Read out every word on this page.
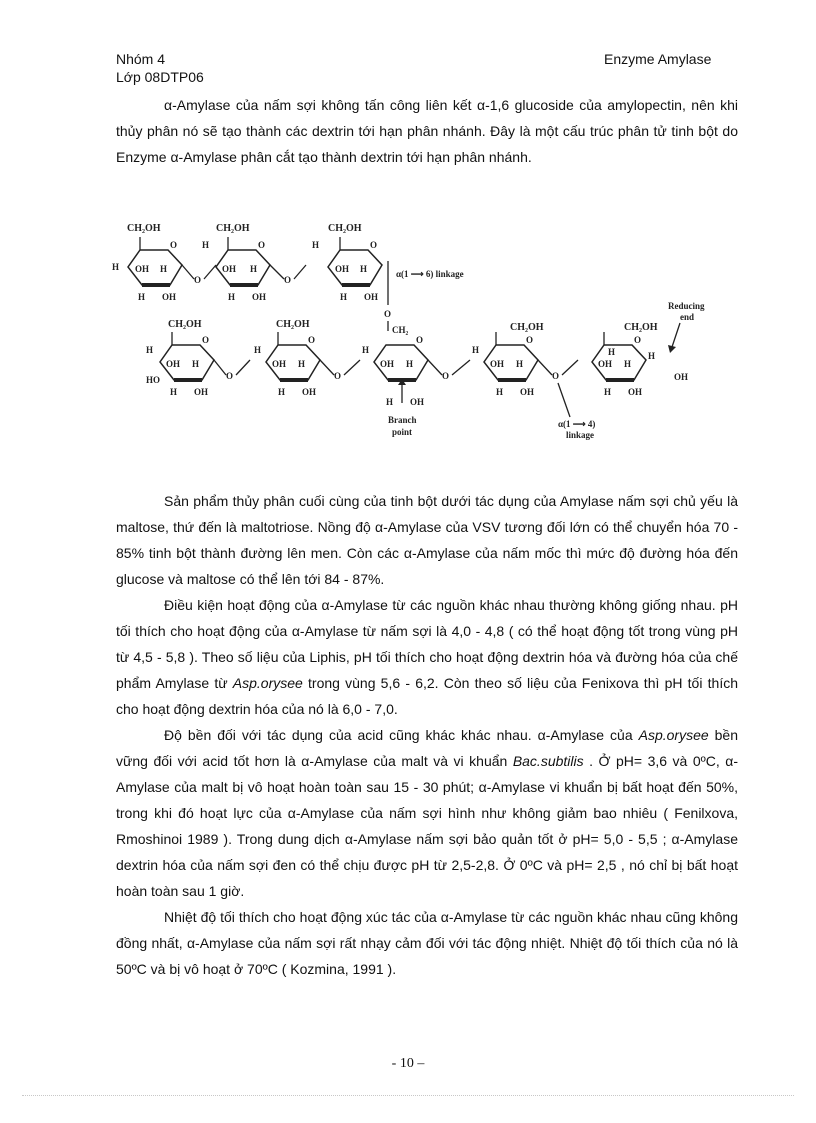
Nhóm 4
Lớp 08DTP06
Enzyme Amylase

α-Amylase của nấm sợi không tấn công liên kết α-1,6 glucoside của amylopectin, nên khi thủy phân nó sẽ tạo thành các dextrin tới hạn phân nhánh. Đây là một cấu trúc phân tử tinh bột do Enzyme α-Amylase phân cắt tạo thành dextrin tới hạn phân nhánh.

Sản phẩm thủy phân cuối cùng của tinh bột dưới tác dụng của Amylase nấm sợi chủ yếu là maltose, thứ đến là maltotriose. Nồng độ α-Amylase của VSV tương đối lớn có thể chuyển hóa 70 - 85% tinh bột thành đường lên men. Còn các α-Amylase của nấm mốc thì mức độ đường hóa đến glucose và maltose có thể lên tới 84 - 87%.

Điều kiện hoạt động của α-Amylase từ các nguồn khác nhau thường không giống nhau. pH tối thích cho hoạt động của α-Amylase từ nấm sợi là 4,0 - 4,8 ( có thể hoạt động tốt trong vùng pH từ 4,5 - 5,8 ). Theo số liệu của Liphis, pH tối thích cho hoạt động dextrin hóa và đường hóa của chế phẩm Amylase từ Asp.orysee trong vùng 5,6 - 6,2. Còn theo số liệu của Fenixova thì pH tối thích cho hoạt động dextrin hóa của nó là 6,0 - 7,0.

Độ bền đối với tác dụng của acid cũng khác khác nhau. α-Amylase của Asp.orysee bền vững đối với acid tốt hơn là α-Amylase của malt và vi khuẩn Bac.subtilis . Ở pH= 3,6 và 0ºC, α-Amylase của malt bị vô hoạt hoàn toàn sau 15 - 30 phút; α-Amylase vi khuẩn bị bất hoạt đến 50%, trong khi đó hoạt lực của α-Amylase của nấm sợi hình như không giảm bao nhiêu ( Fenilxova, Rmoshinoi 1989 ). Trong dung dịch α-Amylase nấm sợi bảo quản tốt ở pH= 5,0 - 5,5 ; α-Amylase dextrin hóa của nấm sợi đen có thể chịu được pH từ 2,5-2,8. Ở 0ºC và pH= 2,5 , nó chỉ bị bất hoạt hoàn toàn sau 1 giờ.

Nhiệt độ tối thích cho hoạt động xúc tác của α-Amylase từ các nguồn khác nhau cũng không đồng nhất, α-Amylase của nấm sợi rất nhạy cảm đối với tác động nhiệt. Nhiệt độ tối thích của nó là 50ºC và bị vô hoạt ở 70ºC ( Kozmina, 1991 ).

CH₂OH
O
H OH H
H OH
O
CH₂OH
O
H
OH H
H OH
O
CH₂OH
O
H
OH H
H OH
O
α(1 ⟶ 6) linkage
CH₂OH
O
H
HO
OH H
H OH
O
CH₂OH
O
H
OH H
H OH
O
CH₂
O
H
OH H
H OH
Branch
point
O
CH₂OH
O
H
OH H
H OH
O
CH₂OH
O
H
OH H
H OH
H
OH
Reducing
end
α(1 ⟶ 4)
linkage
- 10 –
